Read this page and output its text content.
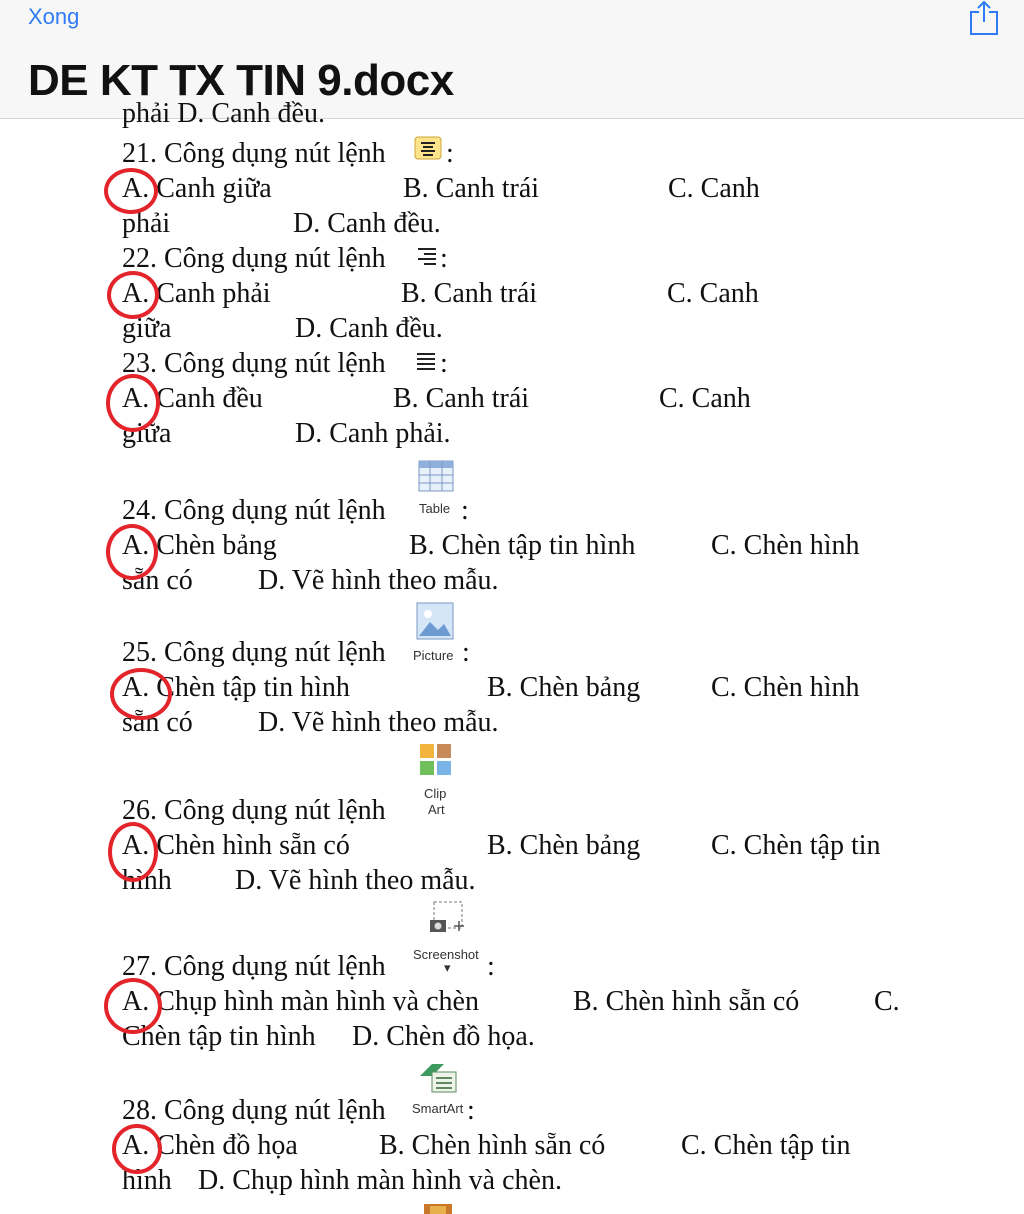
Xong
DE KT TX TIN 9.docx
phải D. Canh đều.
21. Công dụng nút lệnh :
A. Canh giữa	B. Canh trái	C. Canh
phải	D. Canh đều.
22. Công dụng nút lệnh :
A. Canh phải	B. Canh trái	C. Canh
giữa	D. Canh đều.
23. Công dụng nút lệnh :
A. Canh đều	B. Canh trái	C. Canh
giữa	D. Canh phải.
24. Công dụng nút lệnh	Table :
A. Chèn bảng	B. Chèn tập tin hình	C. Chèn hình
sẵn có D. Vẽ hình theo mẫu.
25. Công dụng nút lệnh Picture :
A. Chèn tập tin hình	B. Chèn bảng	C. Chèn hình
sẵn có D. Vẽ hình theo mẫu.
Clip
26. Công dụng nút lệnh	Art
A. Chèn hình sẵn có	B. Chèn bảng	C. Chèn tập tin
hình D. Vẽ hình theo mẫu.
Screenshot
27. Công dụng nút lệnh	▾ :
A. Chụp hình màn hình và chèn	B. Chèn hình sẵn có	C.
Chèn tập tin hình D. Chèn đồ họa.
28. Công dụng nút lệnh SmartArt :
A. Chèn đồ họa	B. Chèn hình sẵn có	C. Chèn tập tin
hình D. Chụp hình màn hình và chèn.
